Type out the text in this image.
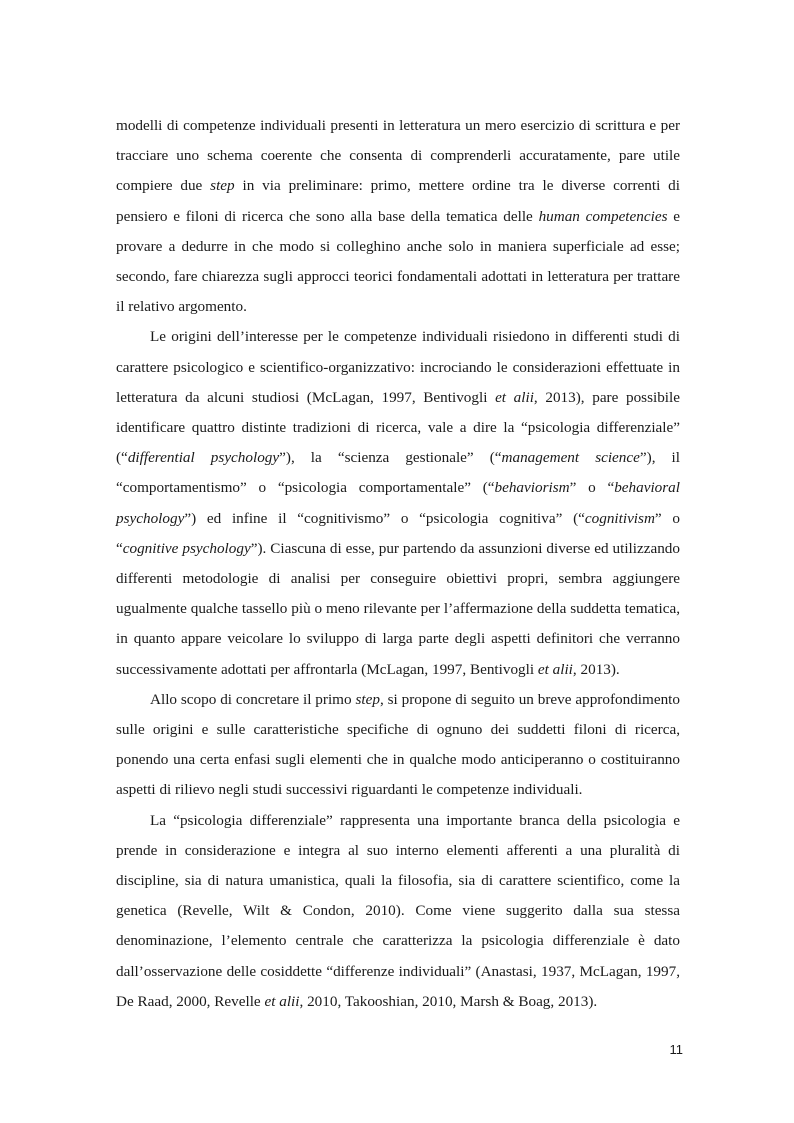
modelli di competenze individuali presenti in letteratura un mero esercizio di scrittura e per tracciare uno schema coerente che consenta di comprenderli accuratamente, pare utile compiere due step in via preliminare: primo, mettere ordine tra le diverse correnti di pensiero e filoni di ricerca che sono alla base della tematica delle human competencies e provare a dedurre in che modo si colleghino anche solo in maniera superficiale ad esse; secondo, fare chiarezza sugli approcci teorici fondamentali adottati in letteratura per trattare il relativo argomento.

Le origini dell’interesse per le competenze individuali risiedono in differenti studi di carattere psicologico e scientifico-organizzativo: incrociando le considerazioni effettuate in letteratura da alcuni studiosi (McLagan, 1997, Bentivogli et alii, 2013), pare possibile identificare quattro distinte tradizioni di ricerca, vale a dire la “psicologia differenziale” (“differential psychology”), la “scienza gestionale” (“management science”), il “comportamentismo” o “psicologia comportamentale” (“behaviorism” o “behavioral psychology”) ed infine il “cognitivismo” o “psicologia cognitiva” (“cognitivism” o “cognitive psychology”). Ciascuna di esse, pur partendo da assunzioni diverse ed utilizzando differenti metodologie di analisi per conseguire obiettivi propri, sembra aggiungere ugualmente qualche tassello più o meno rilevante per l’affermazione della suddetta tematica, in quanto appare veicolare lo sviluppo di larga parte degli aspetti definitori che verranno successivamente adottati per affrontarla (McLagan, 1997, Bentivogli et alii, 2013).

Allo scopo di concretare il primo step, si propone di seguito un breve approfondimento sulle origini e sulle caratteristiche specifiche di ognuno dei suddetti filoni di ricerca, ponendo una certa enfasi sugli elementi che in qualche modo anticiperanno o costituiranno aspetti di rilievo negli studi successivi riguardanti le competenze individuali.

La “psicologia differenziale” rappresenta una importante branca della psicologia e prende in considerazione e integra al suo interno elementi afferenti a una pluralità di discipline, sia di natura umanistica, quali la filosofia, sia di carattere scientifico, come la genetica (Revelle, Wilt & Condon, 2010). Come viene suggerito dalla sua stessa denominazione, l’elemento centrale che caratterizza la psicologia differenziale è dato dall’osservazione delle cosiddette “differenze individuali” (Anastasi, 1937, McLagan, 1997, De Raad, 2000, Revelle et alii, 2010, Takooshian, 2010, Marsh & Boag, 2013).

11
